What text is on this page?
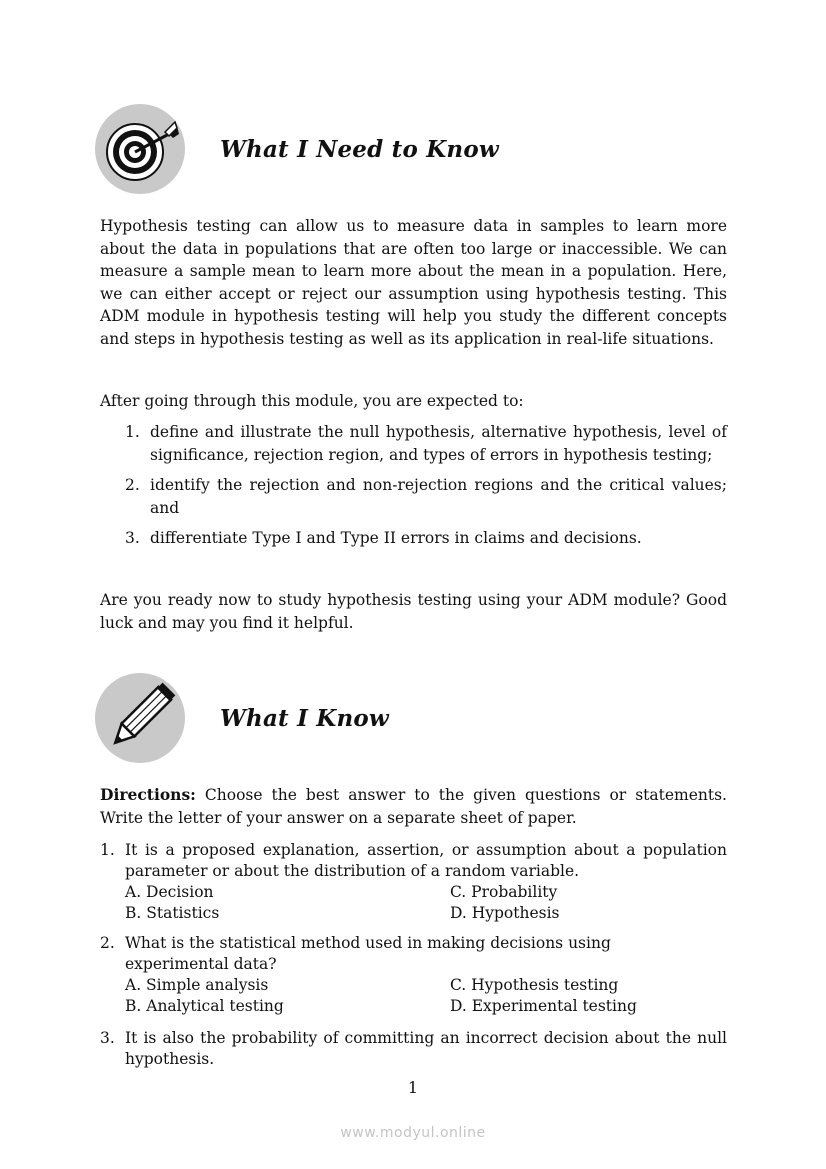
What I Need to Know

Hypothesis testing can allow us to measure data in samples to learn more about the data in populations that are often too large or inaccessible. We can measure a sample mean to learn more about the mean in a population. Here, we can either accept or reject our assumption using hypothesis testing. This ADM module in hypothesis testing will help you study the different concepts and steps in hypothesis testing as well as its application in real-life situations.

After going through this module, you are expected to:

1. define and illustrate the null hypothesis, alternative hypothesis, level of significance, rejection region, and types of errors in hypothesis testing;
2. identify the rejection and non-rejection regions and the critical values; and
3. differentiate Type I and Type II errors in claims and decisions.

Are you ready now to study hypothesis testing using your ADM module? Good luck and may you find it helpful.

What I Know

Directions: Choose the best answer to the given questions or statements. Write the letter of your answer on a separate sheet of paper.

1. It is a proposed explanation, assertion, or assumption about a population parameter or about the distribution of a random variable.
A. Decision	C. Probability
B. Statistics	D. Hypothesis
2. What is the statistical method used in making decisions using experimental data?
A. Simple analysis	C. Hypothesis testing
B. Analytical testing	D. Experimental testing
3. It is also the probability of committing an incorrect decision about the null hypothesis.
1
www.modyul.online
